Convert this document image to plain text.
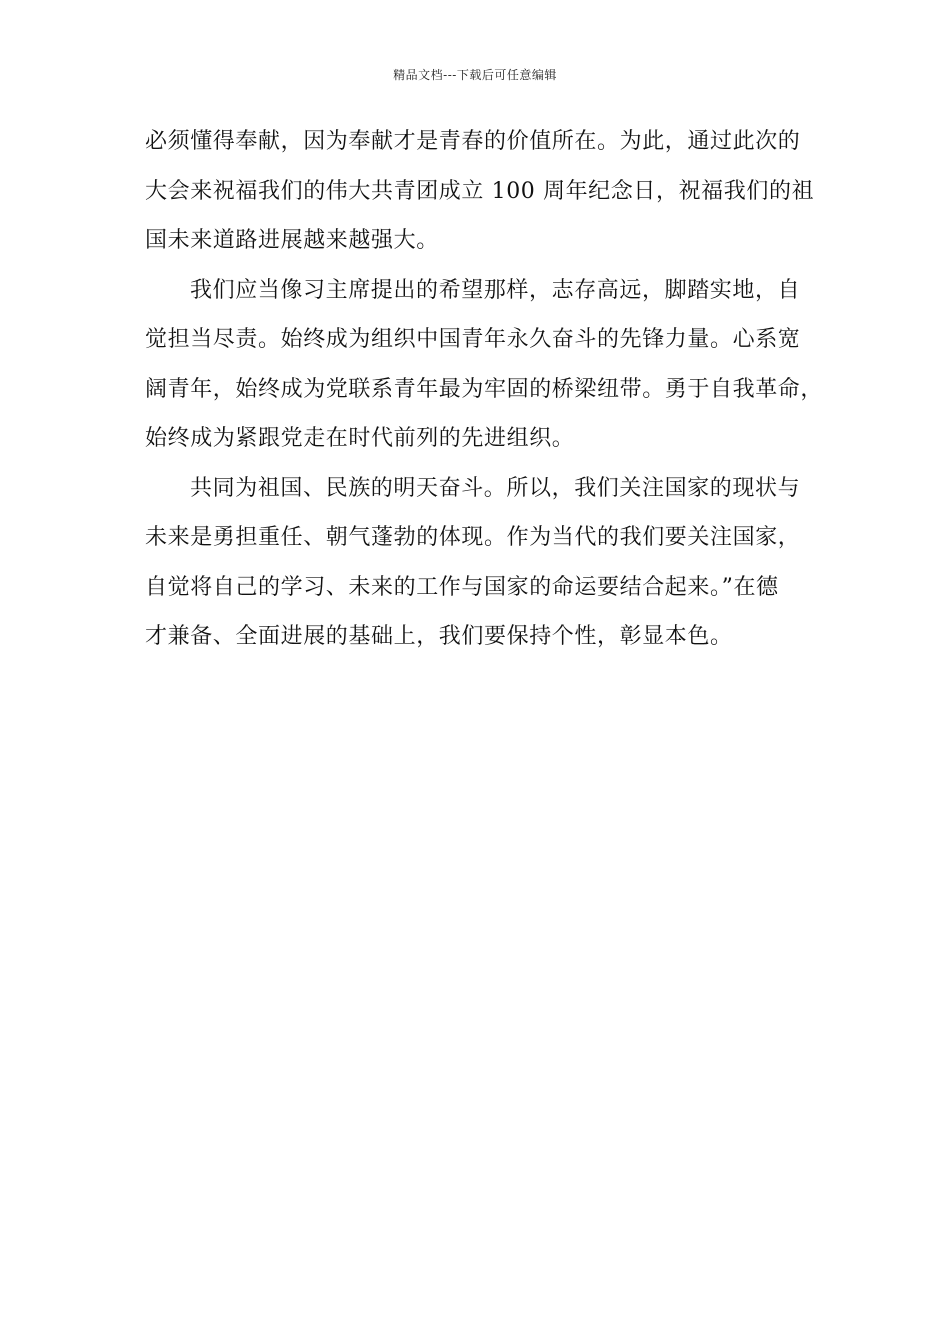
精品文档---下载后可任意编辑
必须懂得奉献，因为奉献才是青春的价值所在。为此，通过此次的
大会来祝福我们的伟大共青团成立 100 周年纪念日，祝福我们的祖
国未来道路进展越来越强大。
我们应当像习主席提出的希望那样，志存高远，脚踏实地，自
觉担当尽责。始终成为组织中国青年永久奋斗的先锋力量。心系宽
阔青年，始终成为党联系青年最为牢固的桥梁纽带。勇于自我革命，
始终成为紧跟党走在时代前列的先进组织。
共同为祖国、民族的明天奋斗。所以，我们关注国家的现状与
未来是勇担重任、朝气蓬勃的体现。作为当代的我们要关注国家，
自觉将自己的学习、未来的工作与国家的命运要结合起来。”在德
才兼备、全面进展的基础上，我们要保持个性，彰显本色。
